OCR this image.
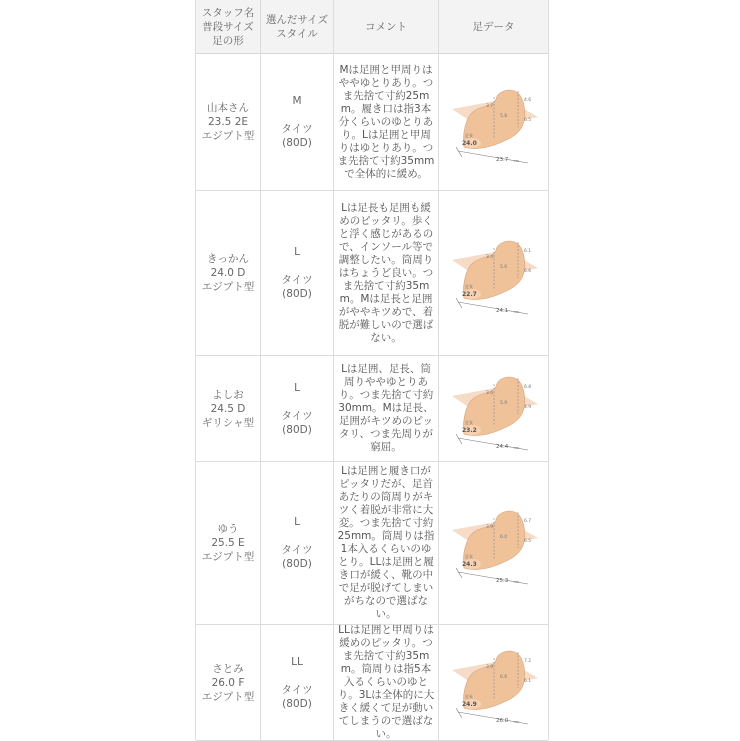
スタッフ名
普段サイズ
足の形
選んだサイズ
スタイル
コメント	足データ
山本さん
23.5 2E
エジプト型
M
タイツ
(80D)
Mは足囲と甲周りはややゆとりあり。つま先捨て寸約25mm。履き口は指3本分くらいのゆとりあり。Lは足囲と甲周りはゆとりあり。つま先捨て寸約35mmで全体的に緩め。
3.7
5.8
4.6
6.5
足長
24.0
23.7 cm
きっかん
24.0 D
エジプト型
L
タイツ
(80D)
Lは足長も足囲も緩めのピッタリ。歩くと浮く感じがあるので、インソール等で調整したい。筒周りはちょうど良い。つま先捨て寸約35mm。Mは足長と足囲がややキツめで、着脱が難しいので選ばない。
3.4
5.6
6.1
6.6
足長
22.7
24.1 cm
よしお
24.5 D
ギリシャ型
L
タイツ
(80D)
Lは足囲、足長、筒周りややゆとりあり。つま先捨て寸約30mm。Mは足長、足囲がキツめのピッタリ、つま先周りが窮屈。
3.6
5.9
6.8
4.9
足長
23.2
24.4 cm
ゆう
25.5 E
エジプト型
L
タイツ
(80D)
Lは足囲と履き口がピッタリだが、足首あたりの筒周りがキツく着脱が非常に大変。つま先捨て寸約25mm。筒周りは指1本入るくらいのゆとり。LLは足囲と履き口が緩く、靴の中で足が脱げてしまいがちなので選ばない。
3.9
6.0
6.7
6.5
足長
24.3
25.3 cm
さとみ
26.0 F
エジプト型
LL
タイツ
(80D)
LLは足囲と甲周りは緩めのピッタリ。つま先捨て寸約35mm。筒周りは指5本入るくらいのゆとり。3Lは全体的に大きく緩くて足が動いてしまうので選ばない。
3.9
6.6
7.2
6.1
足長
24.9
26.0 cm
